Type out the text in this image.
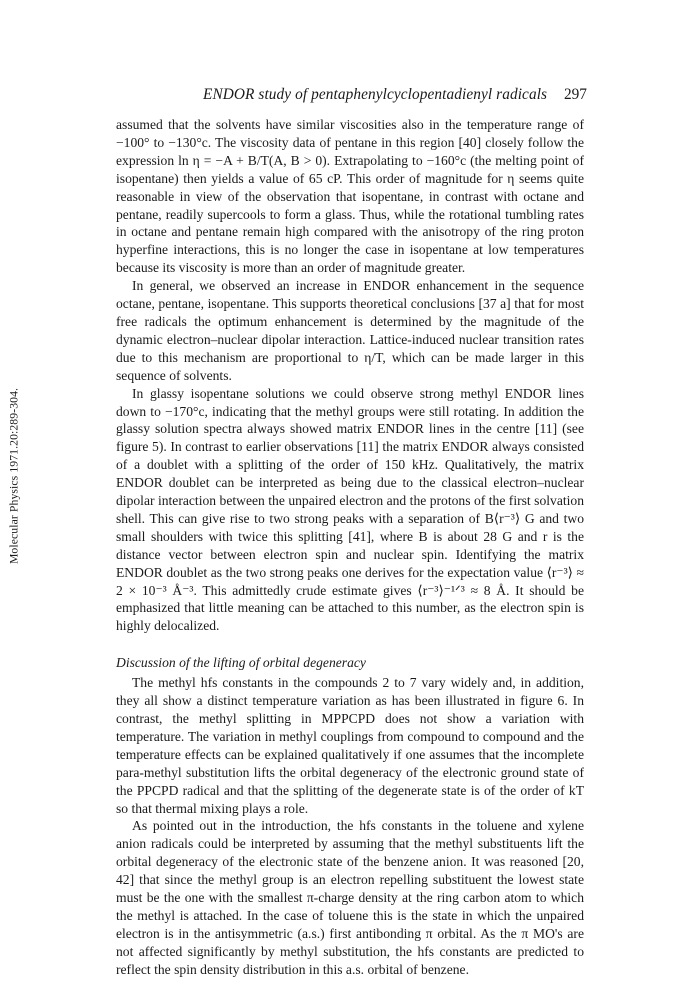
ENDOR study of pentaphenylcyclopentadienyl radicals 297
Molecular Physics 1971.20:289-304.

assumed that the solvents have similar viscosities also in the temperature range of −100° to −130°c. The viscosity data of pentane in this region [40] closely follow the expression ln η = −A + B/T(A, B > 0). Extrapolating to −160°c (the melting point of isopentane) then yields a value of 65 cP. This order of magnitude for η seems quite reasonable in view of the observation that isopentane, in contrast with octane and pentane, readily supercools to form a glass. Thus, while the rotational tumbling rates in octane and pentane remain high compared with the anisotropy of the ring proton hyperfine interactions, this is no longer the case in isopentane at low temperatures because its viscosity is more than an order of magnitude greater.

In general, we observed an increase in ENDOR enhancement in the sequence octane, pentane, isopentane. This supports theoretical conclusions [37 a] that for most free radicals the optimum enhancement is determined by the magnitude of the dynamic electron–nuclear dipolar interaction. Lattice-induced nuclear transition rates due to this mechanism are proportional to η/T, which can be made larger in this sequence of solvents.

In glassy isopentane solutions we could observe strong methyl ENDOR lines down to −170°c, indicating that the methyl groups were still rotating. In addition the glassy solution spectra always showed matrix ENDOR lines in the centre [11] (see figure 5). In contrast to earlier observations [11] the matrix ENDOR always consisted of a doublet with a splitting of the order of 150 kHz. Qualitatively, the matrix ENDOR doublet can be interpreted as being due to the classical electron–nuclear dipolar interaction between the unpaired electron and the protons of the first solvation shell. This can give rise to two strong peaks with a separation of B⟨r⁻³⟩ G and two small shoulders with twice this splitting [41], where B is about 28 G and r is the distance vector between electron spin and nuclear spin. Identifying the matrix ENDOR doublet as the two strong peaks one derives for the expectation value ⟨r⁻³⟩ ≈ 2 × 10⁻³ Å⁻³. This admittedly crude estimate gives ⟨r⁻³⟩⁻¹ᐟ³ ≈ 8 Å. It should be emphasized that little meaning can be attached to this number, as the electron spin is highly delocalized.

Discussion of the lifting of orbital degeneracy

The methyl hfs constants in the compounds 2 to 7 vary widely and, in addition, they all show a distinct temperature variation as has been illustrated in figure 6. In contrast, the methyl splitting in MPPCPD does not show a variation with temperature. The variation in methyl couplings from compound to compound and the temperature effects can be explained qualitatively if one assumes that the incomplete para-methyl substitution lifts the orbital degeneracy of the electronic ground state of the PPCPD radical and that the splitting of the degenerate state is of the order of kT so that thermal mixing plays a role.

As pointed out in the introduction, the hfs constants in the toluene and xylene anion radicals could be interpreted by assuming that the methyl substituents lift the orbital degeneracy of the electronic state of the benzene anion. It was reasoned [20, 42] that since the methyl group is an electron repelling substituent the lowest state must be the one with the smallest π-charge density at the ring carbon atom to which the methyl is attached. In the case of toluene this is the state in which the unpaired electron is in the antisymmetric (a.s.) first antibonding π orbital. As the π MO's are not affected significantly by methyl substitution, the hfs constants are predicted to reflect the spin density distribution in this a.s. orbital of benzene.
